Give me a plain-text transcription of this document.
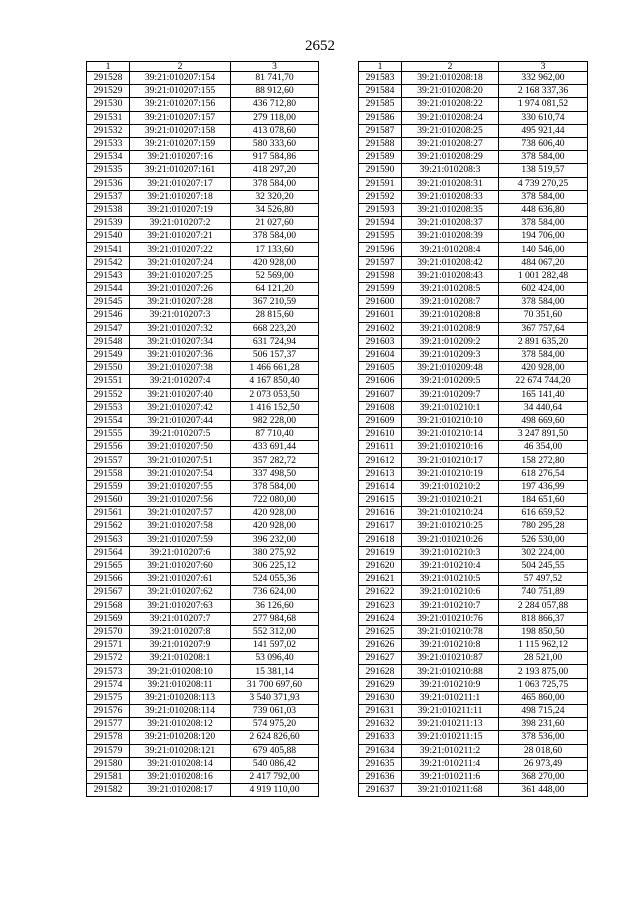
2652
1	2	3
291528	39:21:010207:154	81 741,70
291529	39:21:010207:155	88 912,60
291530	39:21:010207:156	436 712,80
291531	39:21:010207:157	279 118,00
291532	39:21:010207:158	413 078,60
291533	39:21:010207:159	580 333,60
291534	39:21:010207:16	917 584,86
291535	39:21:010207:161	418 297,20
291536	39:21:010207:17	378 584,00
291537	39:21:010207:18	32 320,20
291538	39:21:010207:19	34 526,80
291539	39:21:010207:2	21 027,60
291540	39:21:010207:21	378 584,00
291541	39:21:010207:22	17 133,60
291542	39:21:010207:24	420 928,00
291543	39:21:010207:25	52 569,00
291544	39:21:010207:26	64 121,20
291545	39:21:010207:28	367 210,59
291546	39:21:010207:3	28 815,60
291547	39:21:010207:32	668 223,20
291548	39:21:010207:34	631 724,94
291549	39:21:010207:36	506 157,37
291550	39:21:010207:38	1 466 661,28
291551	39:21:010207:4	4 167 850,40
291552	39:21:010207:40	2 073 053,50
291553	39:21:010207:42	1 416 152,50
291554	39:21:010207:44	982 228,00
291555	39:21:010207:5	87 710,40
291556	39:21:010207:50	433 691,44
291557	39:21:010207:51	357 282,72
291558	39:21:010207:54	337 498,50
291559	39:21:010207:55	378 584,00
291560	39:21:010207:56	722 080,00
291561	39:21:010207:57	420 928,00
291562	39:21:010207:58	420 928,00
291563	39:21:010207:59	396 232,00
291564	39:21:010207:6	380 275,92
291565	39:21:010207:60	306 225,12
291566	39:21:010207:61	524 055,36
291567	39:21:010207:62	736 624,00
291568	39:21:010207:63	36 126,60
291569	39:21:010207:7	277 984,68
291570	39:21:010207:8	552 312,00
291571	39:21:010207:9	141 597,02
291572	39:21:010208:1	53 096,40
291573	39:21:010208:10	15 381,14
291574	39:21:010208:11	31 700 697,60
291575	39:21:010208:113	3 540 371,93
291576	39:21:010208:114	739 061,03
291577	39:21:010208:12	574 975,20
291578	39:21:010208:120	2 624 826,60
291579	39:21:010208:121	679 405,88
291580	39:21:010208:14	540 086,42
291581	39:21:010208:16	2 417 792,00
291582	39:21:010208:17	4 919 110,00
1	2	3
291583	39:21:010208:18	332 962,00
291584	39:21:010208:20	2 168 337,36
291585	39:21:010208:22	1 974 081,52
291586	39:21:010208:24	330 610,74
291587	39:21:010208:25	495 921,44
291588	39:21:010208:27	738 606,40
291589	39:21:010208:29	378 584,00
291590	39:21:010208:3	138 519,57
291591	39:21:010208:31	4 739 270,25
291592	39:21:010208:33	378 584,00
291593	39:21:010208:35	448 636,80
291594	39:21:010208:37	378 584,00
291595	39:21:010208:39	194 706,00
291596	39:21:010208:4	140 546,00
291597	39:21:010208:42	484 067,20
291598	39:21:010208:43	1 001 282,48
291599	39:21:010208:5	602 424,00
291600	39:21:010208:7	378 584,00
291601	39:21:010208:8	70 351,60
291602	39:21:010208:9	367 757,64
291603	39:21:010209:2	2 891 635,20
291604	39:21:010209:3	378 584,00
291605	39:21:010209:48	420 928,00
291606	39:21:010209:5	22 674 744,20
291607	39:21:010209:7	165 141,40
291608	39:21:010210:1	34 440,64
291609	39:21:010210:10	498 669,60
291610	39:21:010210:14	3 247 891,50
291611	39:21:010210:16	46 354,00
291612	39:21:010210:17	158 272,80
291613	39:21:010210:19	618 276,54
291614	39:21:010210:2	197 436,99
291615	39:21:010210:21	184 651,60
291616	39:21:010210:24	616 659,52
291617	39:21:010210:25	780 295,28
291618	39:21:010210:26	526 530,00
291619	39:21:010210:3	302 224,00
291620	39:21:010210:4	504 245,55
291621	39:21:010210:5	57 497,52
291622	39:21:010210:6	740 751,89
291623	39:21:010210:7	2 284 057,88
291624	39:21:010210:76	818 866,37
291625	39:21:010210:78	198 850,50
291626	39:21:010210:8	1 115 962,12
291627	39:21:010210:87	28 521,00
291628	39:21:010210:88	2 193 875,00
291629	39:21:010210:9	1 063 725,75
291630	39:21:010211:1	465 860,00
291631	39:21:010211:11	498 715,24
291632	39:21:010211:13	398 231,60
291633	39:21:010211:15	378 536,00
291634	39:21:010211:2	28 018,60
291635	39:21:010211:4	26 973,49
291636	39:21:010211:6	368 270,00
291637	39:21:010211:68	361 448,00
